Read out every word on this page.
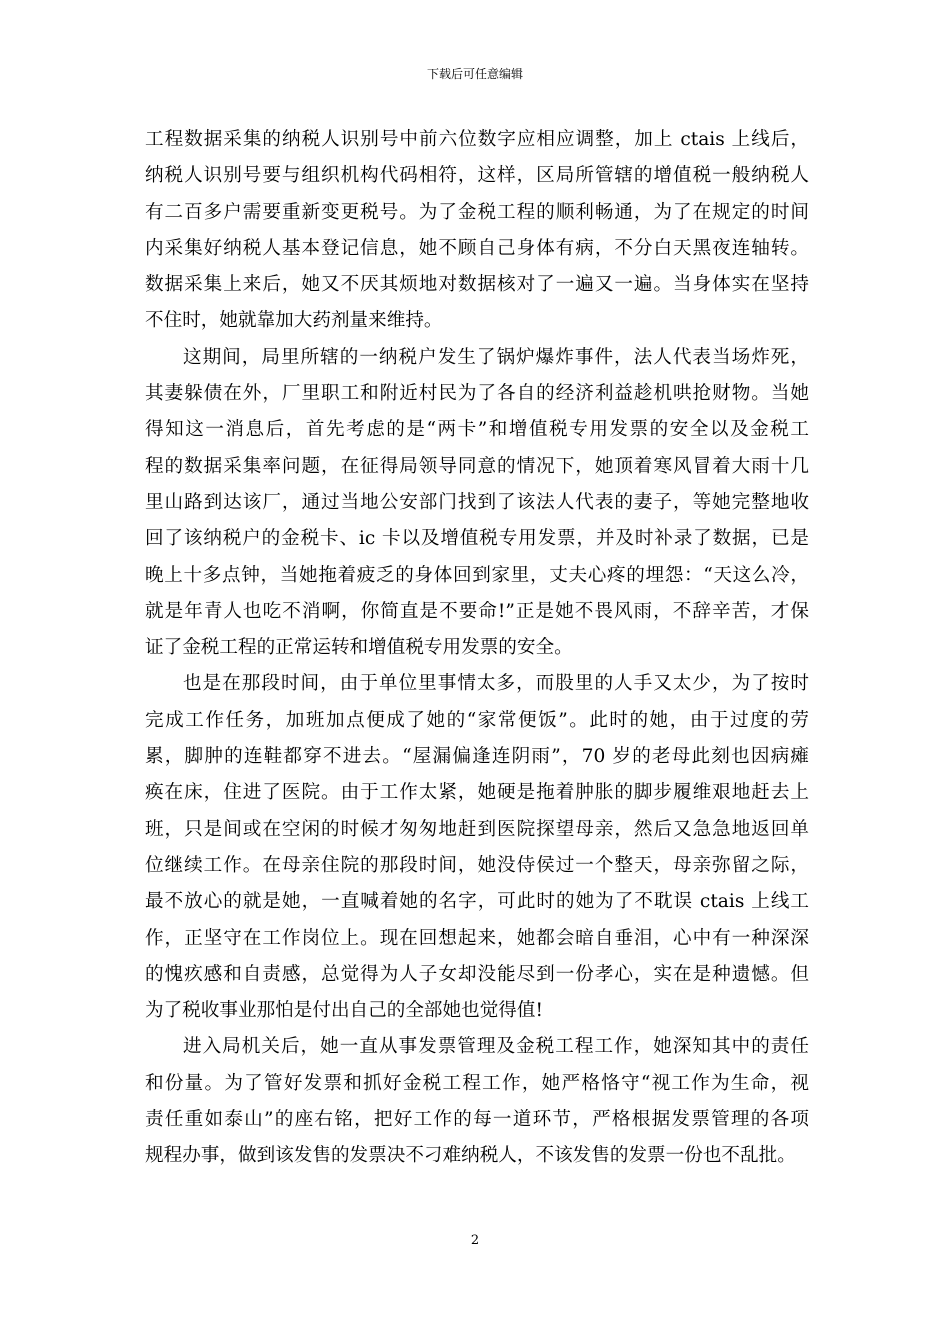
下载后可任意编辑
工程数据采集的纳税人识别号中前六位数字应相应调整，加上 ctais 上线后，
纳税人识别号要与组织机构代码相符，这样，区局所管辖的增值税一般纳税人
有二百多户需要重新变更税号。为了金税工程的顺利畅通，为了在规定的时间
内采集好纳税人基本登记信息，她不顾自己身体有病，不分白天黑夜连轴转。
数据采集上来后，她又不厌其烦地对数据核对了一遍又一遍。当身体实在坚持
不住时，她就靠加大药剂量来维持。
这期间，局里所辖的一纳税户发生了锅炉爆炸事件，法人代表当场炸死，
其妻躲债在外，厂里职工和附近村民为了各自的经济利益趁机哄抢财物。当她
得知这一消息后，首先考虑的是“两卡”和增值税专用发票的安全以及金税工
程的数据采集率问题，在征得局领导同意的情况下，她顶着寒风冒着大雨十几
里山路到达该厂，通过当地公安部门找到了该法人代表的妻子，等她完整地收
回了该纳税户的金税卡、ic 卡以及增值税专用发票，并及时补录了数据，已是
晚上十多点钟，当她拖着疲乏的身体回到家里，丈夫心疼的埋怨：“天这么冷，
就是年青人也吃不消啊，你简直是不要命!”正是她不畏风雨，不辞辛苦，才保
证了金税工程的正常运转和增值税专用发票的安全。
也是在那段时间，由于单位里事情太多，而股里的人手又太少，为了按时
完成工作任务，加班加点便成了她的“家常便饭”。此时的她，由于过度的劳
累，脚肿的连鞋都穿不进去。“屋漏偏逢连阴雨”，70 岁的老母此刻也因病瘫
痪在床，住进了医院。由于工作太紧，她硬是拖着肿胀的脚步履维艰地赶去上
班，只是间或在空闲的时候才匆匆地赶到医院探望母亲，然后又急急地返回单
位继续工作。在母亲住院的那段时间，她没侍侯过一个整天，母亲弥留之际，
最不放心的就是她，一直喊着她的名字，可此时的她为了不耽误 ctais 上线工
作，正坚守在工作岗位上。现在回想起来，她都会暗自垂泪，心中有一种深深
的愧疚感和自责感，总觉得为人子女却没能尽到一份孝心，实在是种遗憾。但
为了税收事业那怕是付出自己的全部她也觉得值!
进入局机关后，她一直从事发票管理及金税工程工作，她深知其中的责任
和份量。为了管好发票和抓好金税工程工作，她严格恪守“视工作为生命，视
责任重如泰山”的座右铭，把好工作的每一道环节，严格根据发票管理的各项
规程办事，做到该发售的发票决不刁难纳税人，不该发售的发票一份也不乱批。
2
